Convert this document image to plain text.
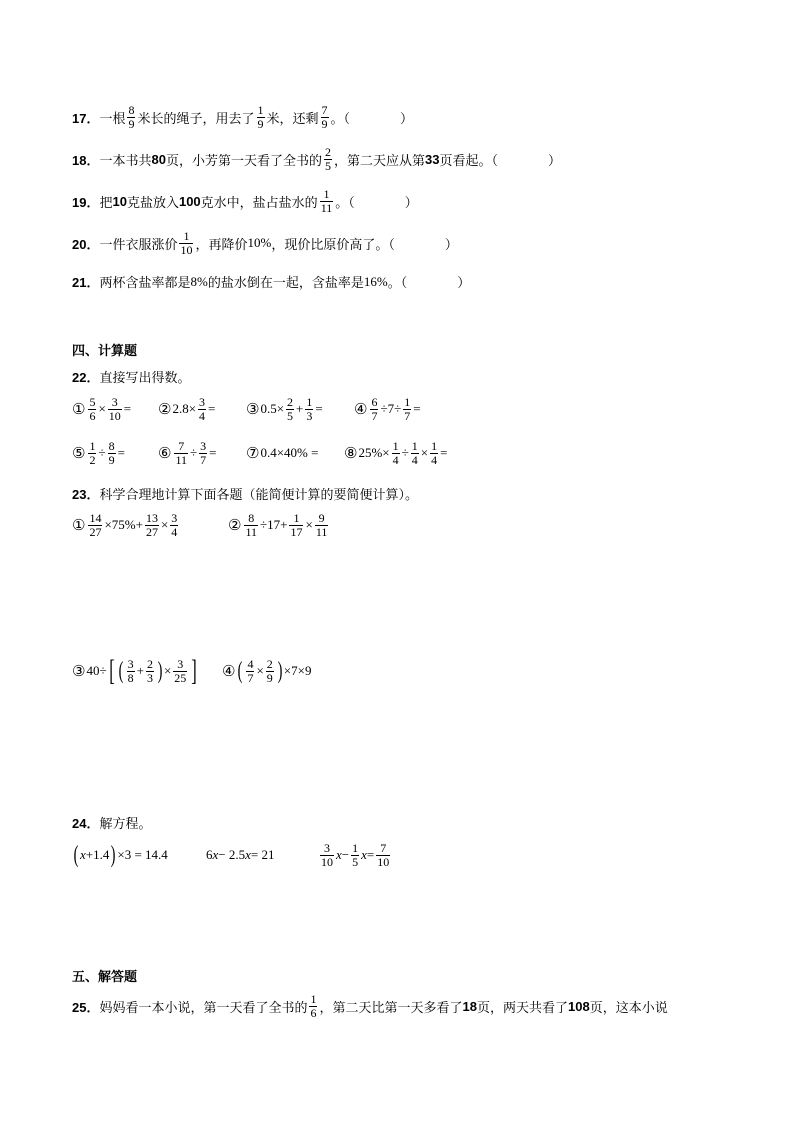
17． 一根 $\frac{8}{9}$ 米长的绳子，用去了 $\frac{1}{9}$ 米，还剩 $\frac{7}{9}$ 。（	）
18． 一本书共 80 页，小芳第一天看了全书的 $\frac{2}{5}$ ，第二天应从第 33 页看起。（	）
19． 把 10 克盐放入 100 克水中，盐占盐水的 $\frac{1}{11}$ 。（	）
20． 一件衣服涨价 $\frac{1}{10}$ ，再降价 10% ，现价比原价高了。（	）
21． 两杯含盐率都是 8% 的盐水倒在一起，含盐率是 16% 。（	）
四、计算题
22． 直接写出得数。
① $\frac{5}{6} \times \frac{3}{10}$ = ② $2.8\times \frac{3}{4}$ = ③ $0.5\times \frac{2}{5} + \frac{1}{3}$ = ④ $\frac{6}{7} \div 7\div \frac{1}{7}$ =
⑤ $\frac{1}{2} \div \frac{8}{9}$ = ⑥ $\frac{7}{11} \div \frac{3}{7}$ = ⑦ 0.4×40% = ⑧ $25\%\times \frac{1}{4} \div \frac{1}{4} \times \frac{1}{4}$ =
23． 科学合理地计算下面各题（能简便计算的要简便计算）。
① $\frac{14}{27} \times 75\%+ \frac{13}{27} \times \frac{3}{4}$	② $\frac{8}{11} \div 17+ \frac{1}{17} \times \frac{9}{11}$
③ 40÷ [ ( $\frac{3}{8} + \frac{2}{3}$ ) × $\frac{3}{25}$ ] ④ ( $\frac{4}{7} \times \frac{2}{9}$ ) ×7×9
24． 解方程。
( x +1.4 ) ×3 = 14.4	6 x − 2.5 x = 21	$\frac{3}{10}$ $x - \frac{1}{5}$ $x = \frac{7}{10}$
五、解答题
25． 妈妈看一本小说，第一天看了全书的 $\frac{1}{6}$ ，第二天比第一天多看了 18 页，两天共看了 108 页，这本小说
